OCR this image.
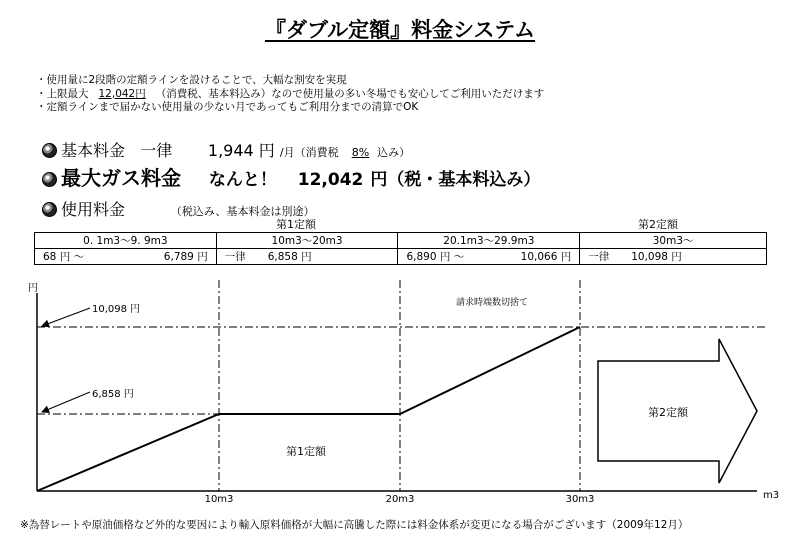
『ダブル定額』料金システム
・使用量に2段階の定額ラインを設けることで、大幅な割安を実現
・上限最大 12,042円 （消費税、基本料込み）なので使用量の多い冬場でも安心してご利用いただけます
・定額ラインまで届かない使用量の少ない月であってもご利用分までの清算でOK
基本料金 一律 1,944 円 /月（消費税 8% 込み）
最大ガス料金 なんと！ 12,042 円（税・基本料込み）
使用料金	（税込み、基本料金は別途）
第1定額	第2定額
0. 1m3～9. 9m3	10m3～20m3	20.1m3～29.9m3	30m3～

68 円 ～ 6,789 円	一律 6,858 円	6,890 円 ～ 10,066 円	一律 10,098 円
円
m3
10,098 円
6,858 円
請求時端数切捨て
第1定額
第2定額
10m3	20m3	30m3
※為替レートや原油価格など外的な要因により輸入原料価格が大幅に高騰した際には料金体系が変更になる場合がございます（2009年12月）
